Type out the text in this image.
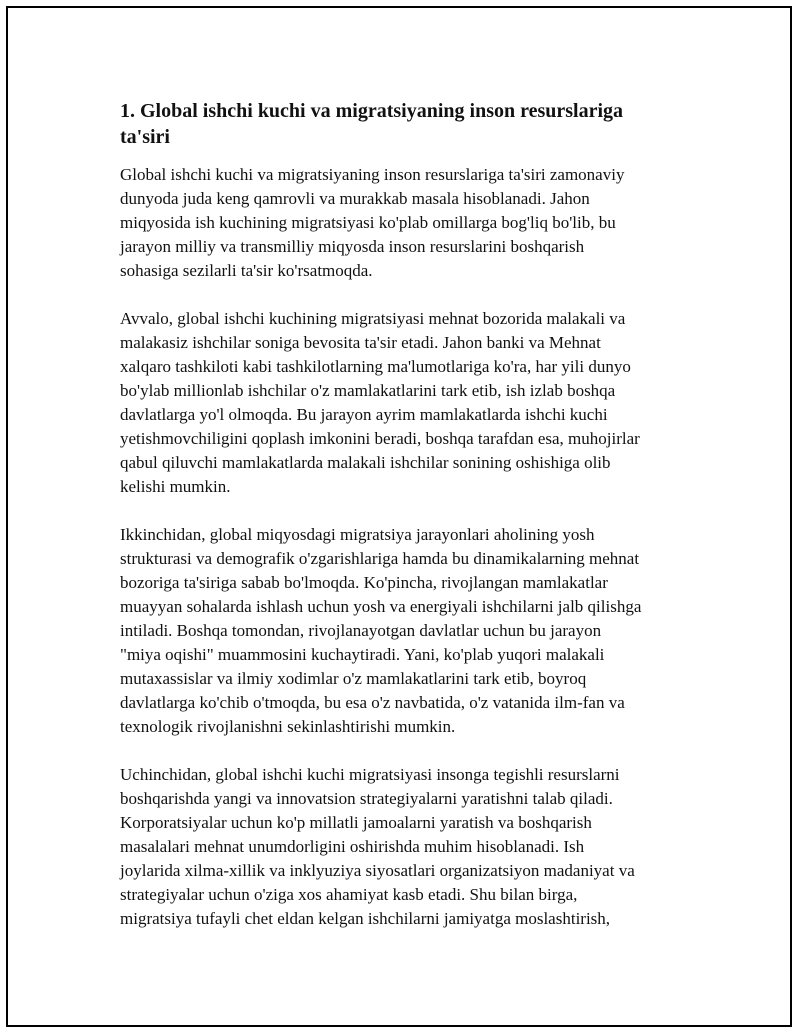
1. Global ishchi kuchi va migratsiyaning inson resurslariga
ta'siri

Global ishchi kuchi va migratsiyaning inson resurslariga ta'siri zamonaviy
dunyoda juda keng qamrovli va murakkab masala hisoblanadi. Jahon
miqyosida ish kuchining migratsiyasi ko'plab omillarga bog'liq bo'lib, bu
jarayon milliy va transmilliy miqyosda inson resurslarini boshqarish
sohasiga sezilarli ta'sir ko'rsatmoqda.

Avvalo, global ishchi kuchining migratsiyasi mehnat bozorida malakali va
malakasiz ishchilar soniga bevosita ta'sir etadi. Jahon banki va Mehnat
xalqaro tashkiloti kabi tashkilotlarning ma'lumotlariga ko'ra, har yili dunyo
bo'ylab millionlab ishchilar o'z mamlakatlarini tark etib, ish izlab boshqa
davlatlarga yo'l olmoqda. Bu jarayon ayrim mamlakatlarda ishchi kuchi
yetishmovchiligini qoplash imkonini beradi, boshqa tarafdan esa, muhojirlar
qabul qiluvchi mamlakatlarda malakali ishchilar sonining oshishiga olib
kelishi mumkin.

Ikkinchidan, global miqyosdagi migratsiya jarayonlari aholining yosh
strukturasi va demografik o'zgarishlariga hamda bu dinamikalarning mehnat
bozoriga ta'siriga sabab bo'lmoqda. Ko'pincha, rivojlangan mamlakatlar
muayyan sohalarda ishlash uchun yosh va energiyali ishchilarni jalb qilishga
intiladi. Boshqa tomondan, rivojlanayotgan davlatlar uchun bu jarayon
"miya oqishi" muammosini kuchaytiradi. Yani, ko'plab yuqori malakali
mutaxassislar va ilmiy xodimlar o'z mamlakatlarini tark etib, boyroq
davlatlarga ko'chib o'tmoqda, bu esa o'z navbatida, o'z vatanida ilm-fan va
texnologik rivojlanishni sekinlashtirishi mumkin.

Uchinchidan, global ishchi kuchi migratsiyasi insonga tegishli resurslarni
boshqarishda yangi va innovatsion strategiyalarni yaratishni talab qiladi.
Korporatsiyalar uchun ko'p millatli jamoalarni yaratish va boshqarish
masalalari mehnat unumdorligini oshirishda muhim hisoblanadi. Ish
joylarida xilma-xillik va inklyuziya siyosatlari organizatsiyon madaniyat va
strategiyalar uchun o'ziga xos ahamiyat kasb etadi. Shu bilan birga,
migratsiya tufayli chet eldan kelgan ishchilarni jamiyatga moslashtirish,
